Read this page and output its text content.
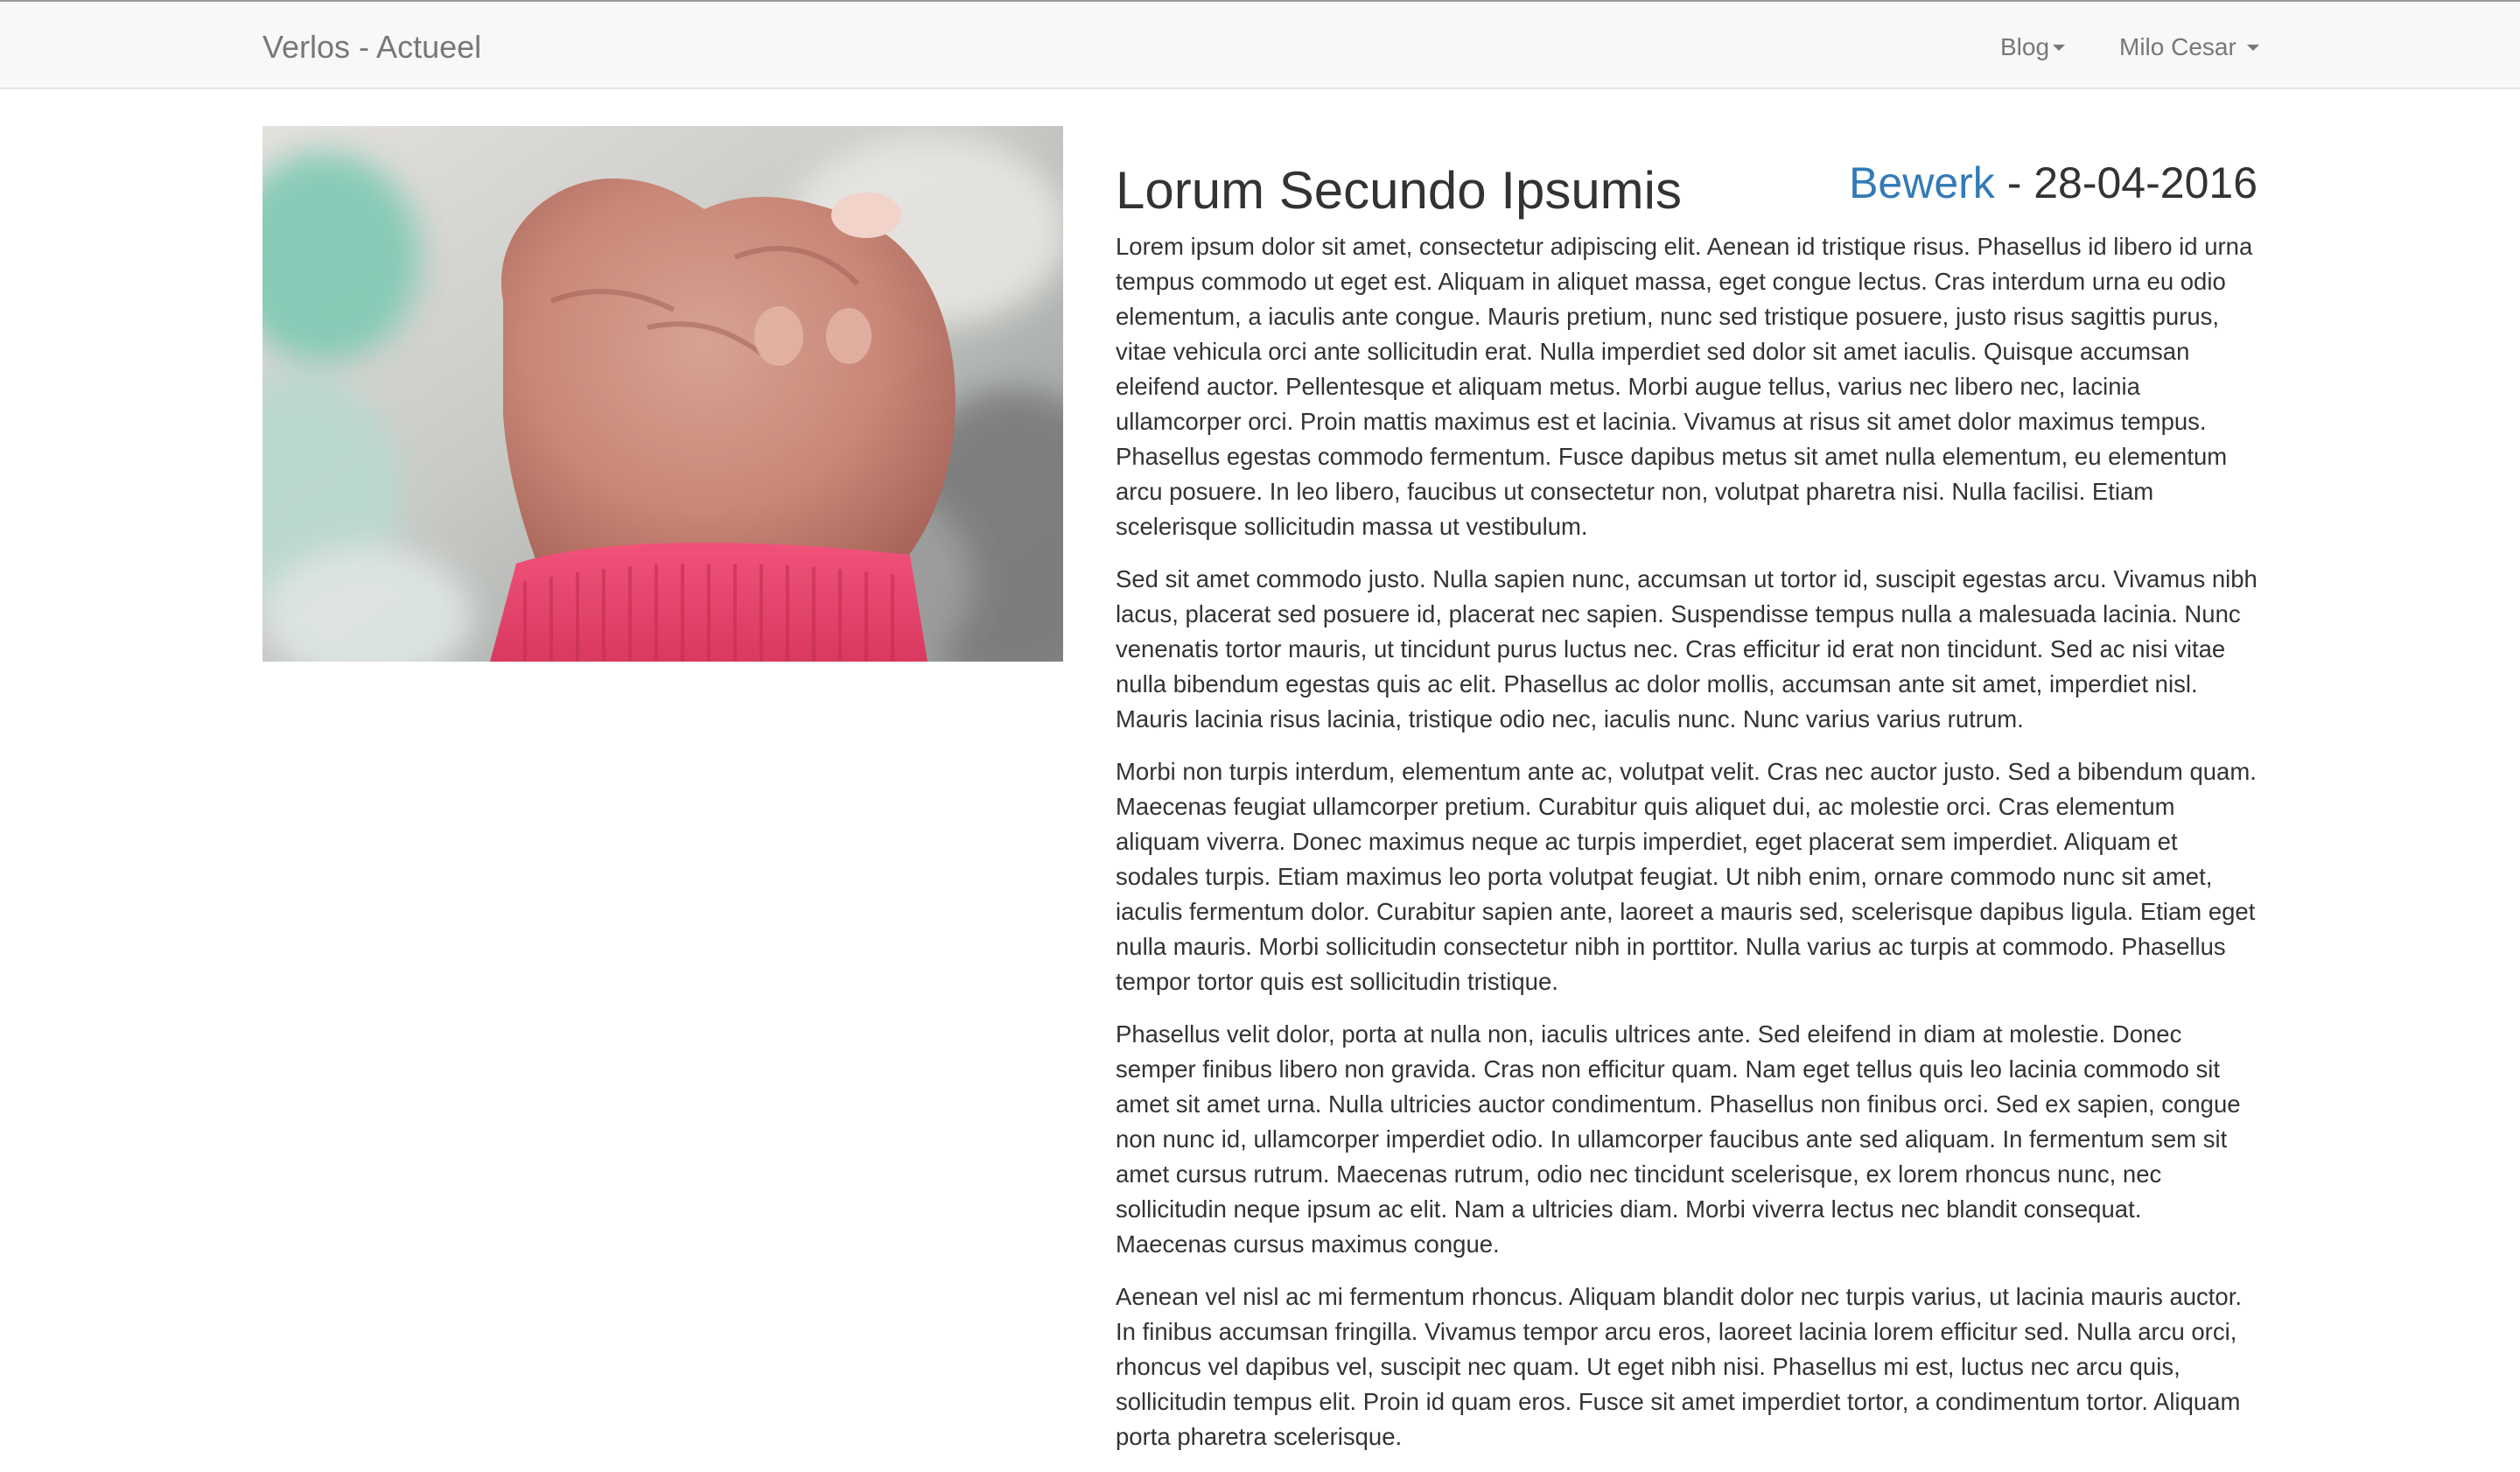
Verlos - Actueel	Blog	Milo Cesar
Lorum Secundo Ipsumis	Bewerk - 28-04-2016

Lorem ipsum dolor sit amet, consectetur adipiscing elit. Aenean id tristique risus. Phasellus id libero id urna tempus commodo ut eget est. Aliquam in aliquet massa, eget congue lectus. Cras interdum urna eu odio elementum, a iaculis ante congue. Mauris pretium, nunc sed tristique posuere, justo risus sagittis purus, vitae vehicula orci ante sollicitudin erat. Nulla imperdiet sed dolor sit amet iaculis. Quisque accumsan eleifend auctor. Pellentesque et aliquam metus. Morbi augue tellus, varius nec libero nec, lacinia ullamcorper orci. Proin mattis maximus est et lacinia. Vivamus at risus sit amet dolor maximus tempus. Phasellus egestas commodo fermentum. Fusce dapibus metus sit amet nulla elementum, eu elementum arcu posuere. In leo libero, faucibus ut consectetur non, volutpat pharetra nisi. Nulla facilisi. Etiam scelerisque sollicitudin massa ut vestibulum.

Sed sit amet commodo justo. Nulla sapien nunc, accumsan ut tortor id, suscipit egestas arcu. Vivamus nibh lacus, placerat sed posuere id, placerat nec sapien. Suspendisse tempus nulla a malesuada lacinia. Nunc venenatis tortor mauris, ut tincidunt purus luctus nec. Cras efficitur id erat non tincidunt. Sed ac nisi vitae nulla bibendum egestas quis ac elit. Phasellus ac dolor mollis, accumsan ante sit amet, imperdiet nisl. Mauris lacinia risus lacinia, tristique odio nec, iaculis nunc. Nunc varius varius rutrum.

Morbi non turpis interdum, elementum ante ac, volutpat velit. Cras nec auctor justo. Sed a bibendum quam. Maecenas feugiat ullamcorper pretium. Curabitur quis aliquet dui, ac molestie orci. Cras elementum aliquam viverra. Donec maximus neque ac turpis imperdiet, eget placerat sem imperdiet. Aliquam et sodales turpis. Etiam maximus leo porta volutpat feugiat. Ut nibh enim, ornare commodo nunc sit amet, iaculis fermentum dolor. Curabitur sapien ante, laoreet a mauris sed, scelerisque dapibus ligula. Etiam eget nulla mauris. Morbi sollicitudin consectetur nibh in porttitor. Nulla varius ac turpis at commodo. Phasellus tempor tortor quis est sollicitudin tristique.

Phasellus velit dolor, porta at nulla non, iaculis ultrices ante. Sed eleifend in diam at molestie. Donec semper finibus libero non gravida. Cras non efficitur quam. Nam eget tellus quis leo lacinia commodo sit amet sit amet urna. Nulla ultricies auctor condimentum. Phasellus non finibus orci. Sed ex sapien, congue non nunc id, ullamcorper imperdiet odio. In ullamcorper faucibus ante sed aliquam. In fermentum sem sit amet cursus rutrum. Maecenas rutrum, odio nec tincidunt scelerisque, ex lorem rhoncus nunc, nec sollicitudin neque ipsum ac elit. Nam a ultricies diam. Morbi viverra lectus nec blandit consequat. Maecenas cursus maximus congue.

Aenean vel nisl ac mi fermentum rhoncus. Aliquam blandit dolor nec turpis varius, ut lacinia mauris auctor. In finibus accumsan fringilla. Vivamus tempor arcu eros, laoreet lacinia lorem efficitur sed. Nulla arcu orci, rhoncus vel dapibus vel, suscipit nec quam. Ut eget nibh nisi. Phasellus mi est, luctus nec arcu quis, sollicitudin tempus elit. Proin id quam eros. Fusce sit amet imperdiet tortor, a condimentum tortor. Aliquam porta pharetra scelerisque.
